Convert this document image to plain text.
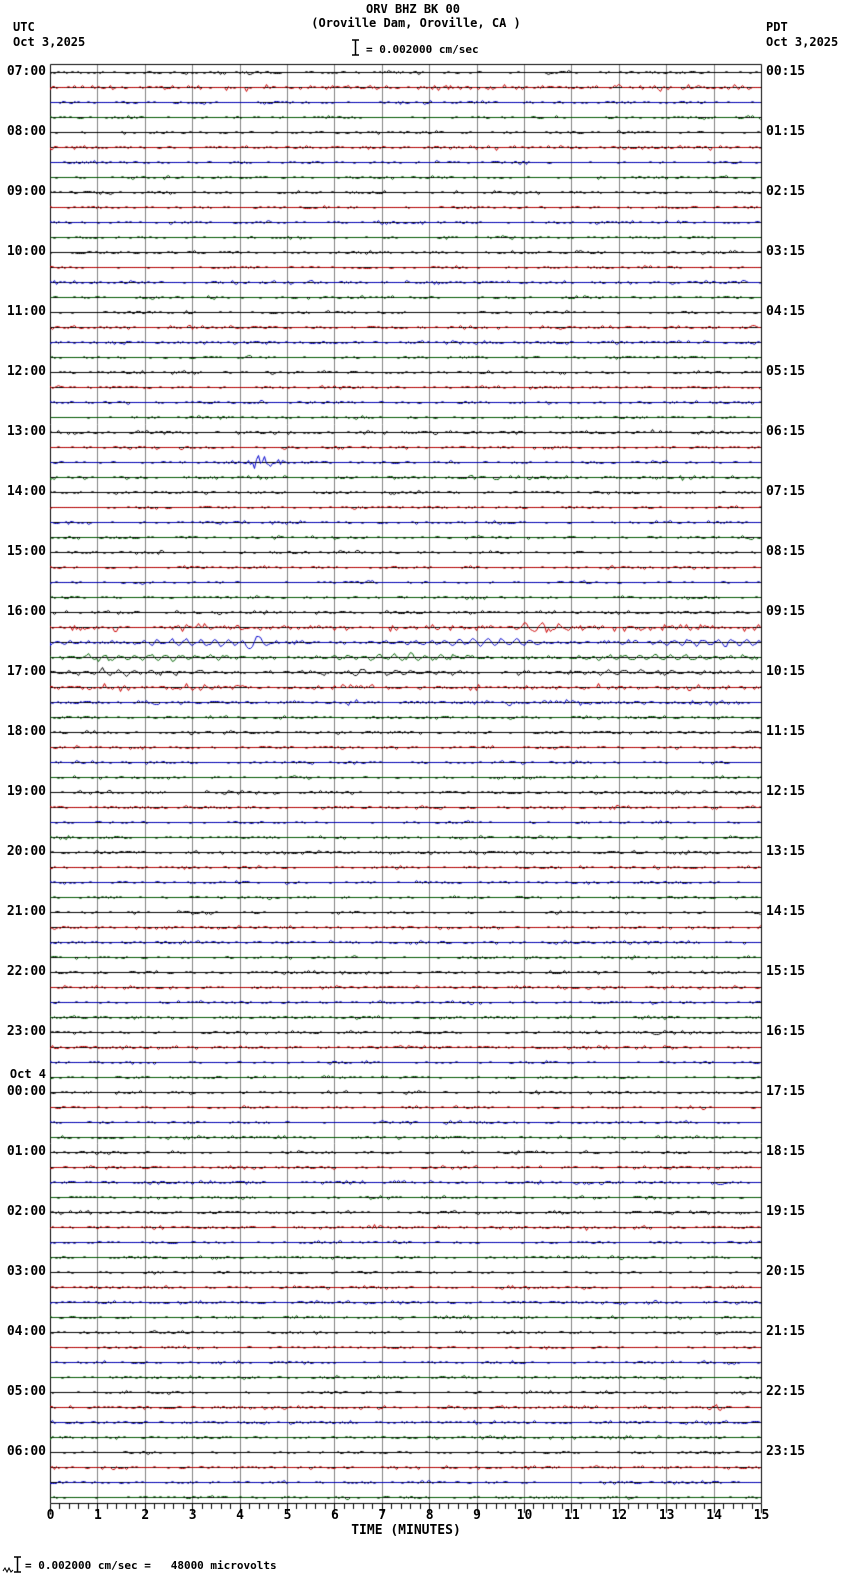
07:00	00:15
08:00	01:15
09:00	02:15
10:00	03:15
11:00	04:15
12:00	05:15
13:00	06:15
14:00	07:15
15:00	08:15
16:00	09:15
17:00	10:15
18:00	11:15
19:00	12:15
20:00	13:15
21:00	14:15
22:00	15:15
23:00	16:15
00:00	17:15
Oct 4
01:00	18:15
02:00	19:15
03:00	20:15
04:00	21:15
05:00	22:15
06:00	23:15
0	1	2	3	4	5	6	7	8	9	10 11 12 13 14 15
TIME (MINUTES)
= 0.002000 cm/sec =   48000 microvolts
